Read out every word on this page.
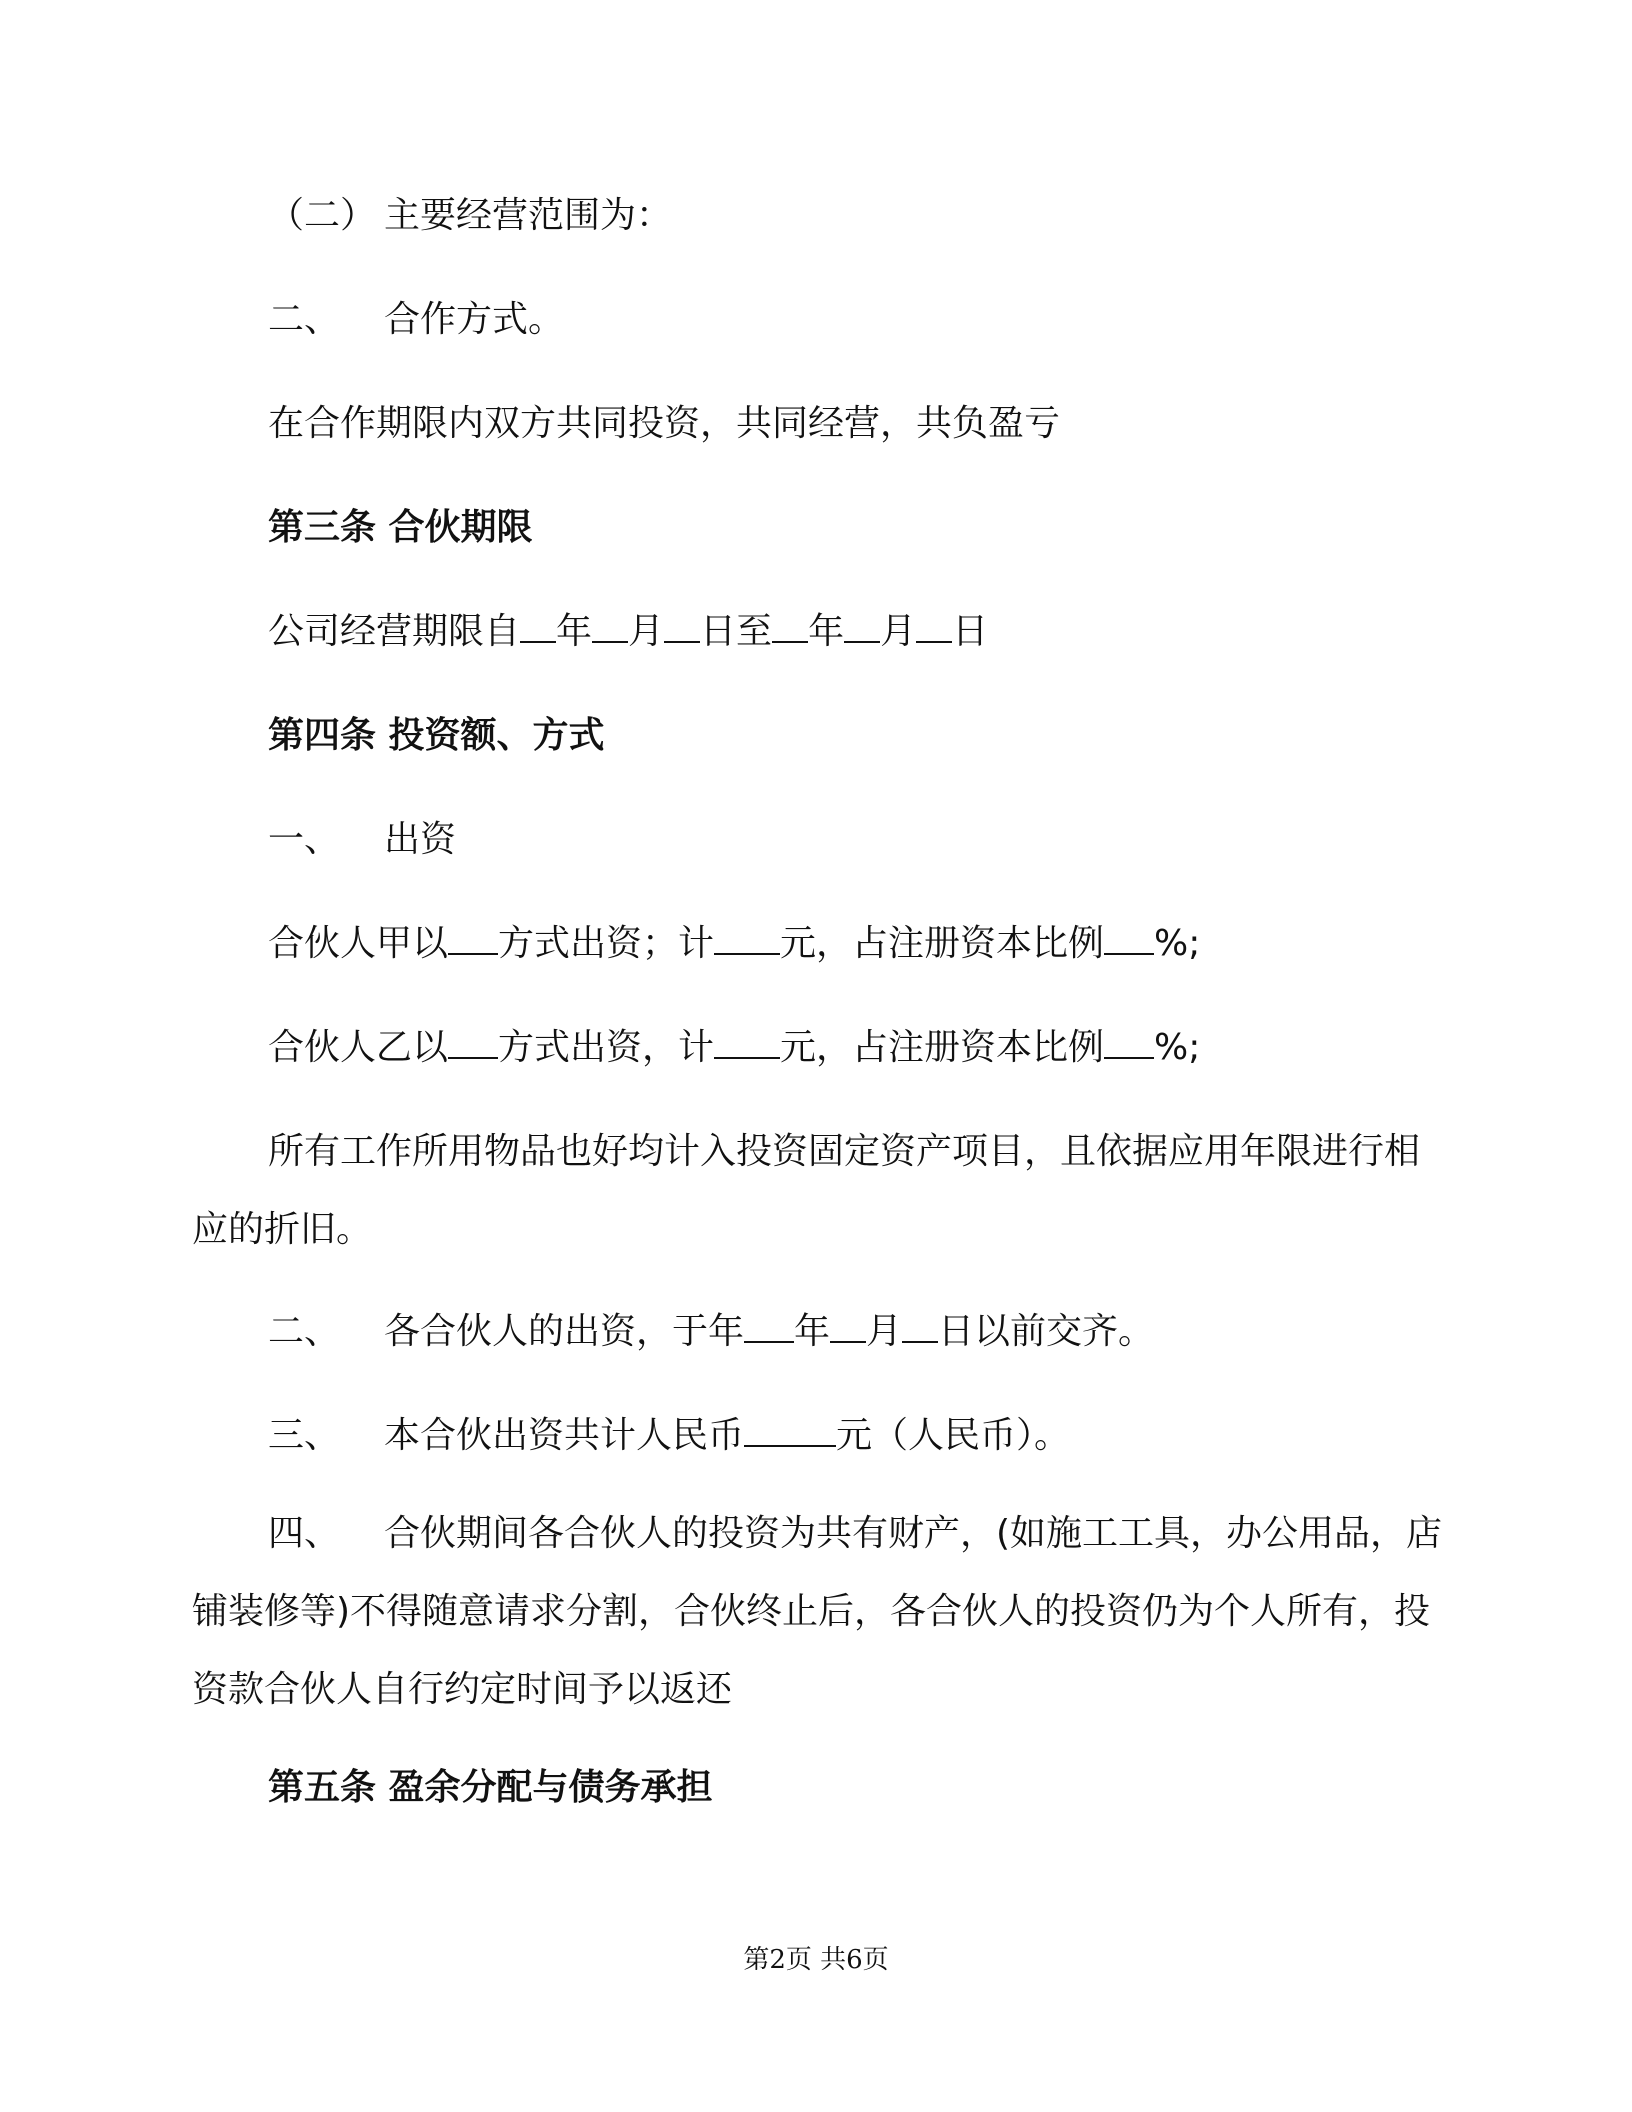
（二） 主要经营范围为：
二、 合作方式。
在合作期限内双方共同投资，共同经营，共负盈亏
第三条 合伙期限
公司经营期限自 年 月 日至 年 月 日
第四条 投资额、方式
一、 出资
合伙人甲以 方式出资；计 元，占注册资本比例 %;
合伙人乙以 方式出资，计 元，占注册资本比例 %;
所有工作所用物品也好均计入投资固定资产项目，且依据应用年限进行相应的折旧。
二、 各合伙人的出资，于年 年 月 日以前交齐。
三、 本合伙出资共计人民币	元（人民币）。
四、 合伙期间各合伙人的投资为共有财产，(如施工工具，办公用品，店铺装修等)不得随意请求分割，合伙终止后，各合伙人的投资仍为个人所有，投资款合伙人自行约定时间予以返还
第五条 盈余分配与债务承担
第2页 共6页
